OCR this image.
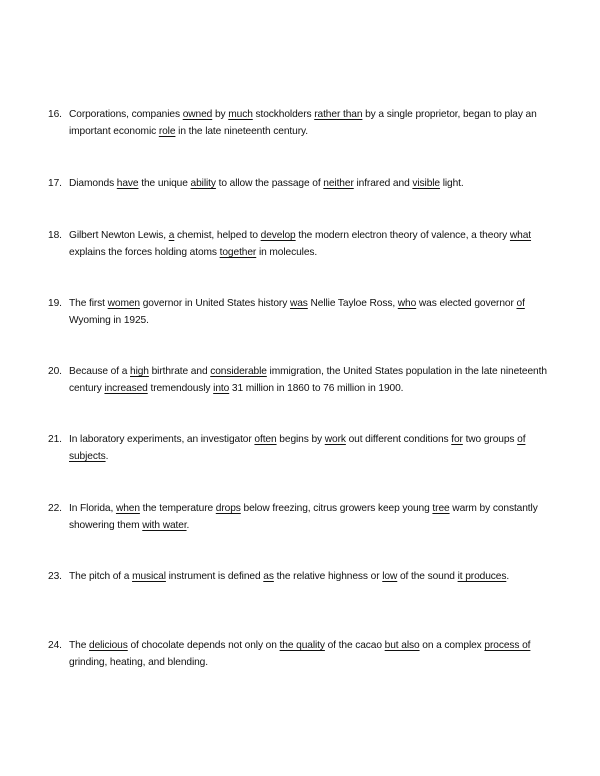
16. Corporations, companies owned by much stockholders rather than by a single proprietor, began to play an important economic role in the late nineteenth century.
17. Diamonds have the unique ability to allow the passage of neither infrared and visible light.
18. Gilbert Newton Lewis, a chemist, helped to develop the modern electron theory of valence, a theory what explains the forces holding atoms together in molecules.
19. The first women governor in United States history was Nellie Tayloe Ross, who was elected governor of Wyoming in 1925.
20. Because of a high birthrate and considerable immigration, the United States population in the late nineteenth century increased tremendously into 31 million in 1860 to 76 million in 1900.
21. In laboratory experiments, an investigator often begins by work out different conditions for two groups of subjects.
22. In Florida, when the temperature drops below freezing, citrus growers keep young tree warm by constantly showering them with water.
23. The pitch of a musical instrument is defined as the relative highness or low of the sound it produces.
24. The delicious of chocolate depends not only on the quality of the cacao but also on a complex process of grinding, heating, and blending.
